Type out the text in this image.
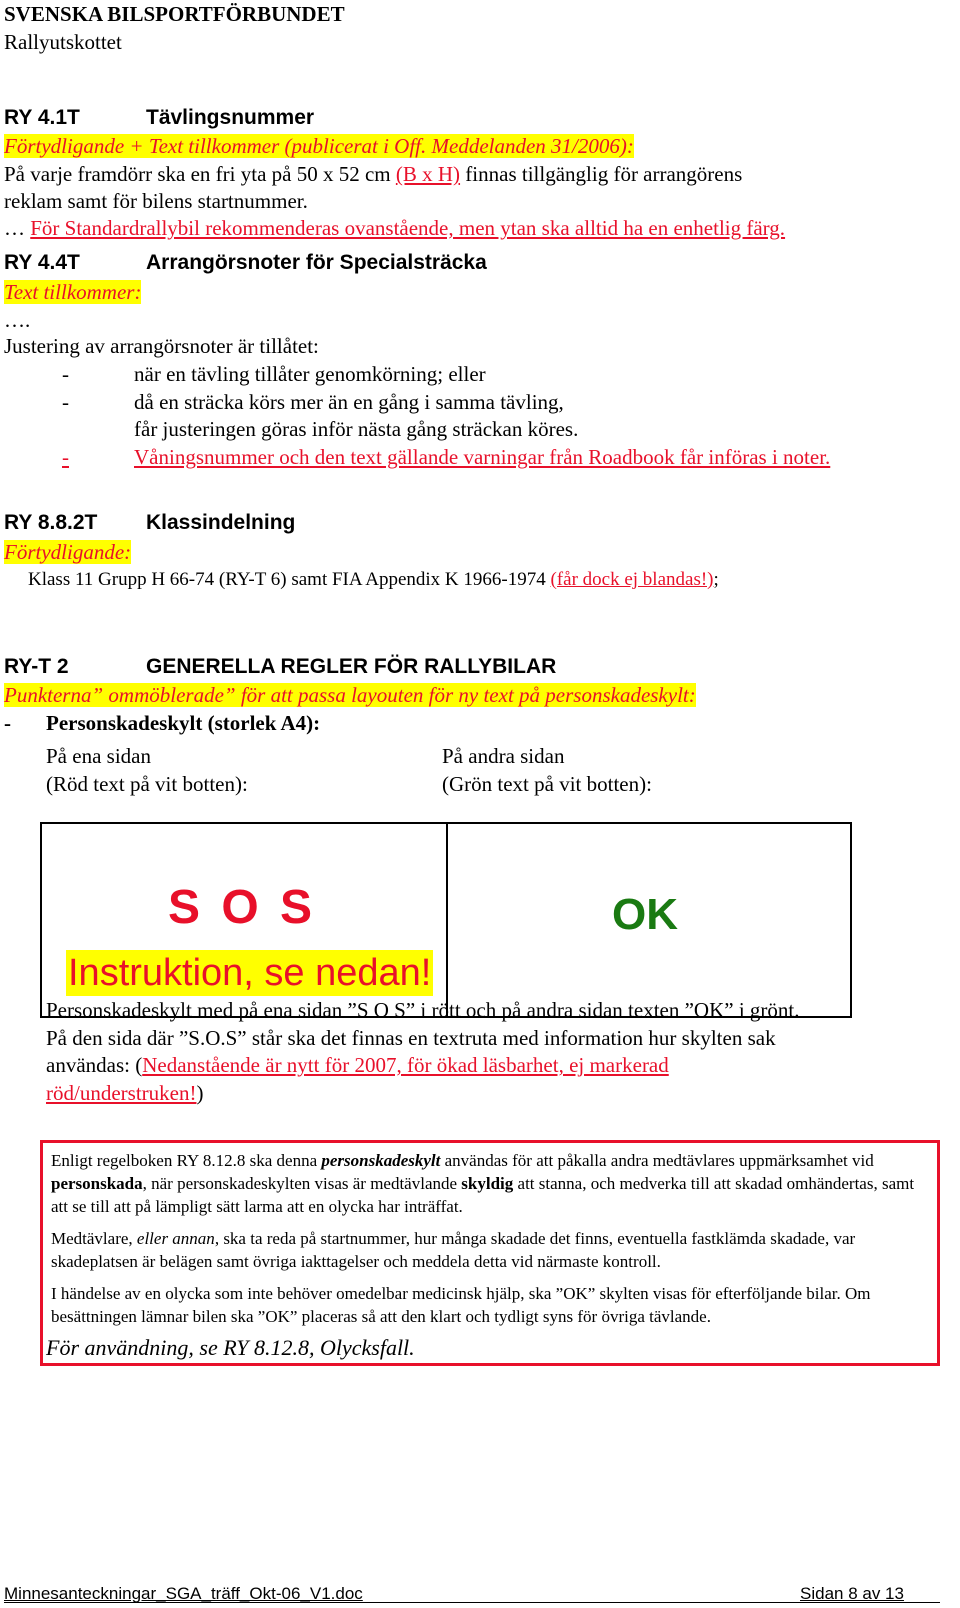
SVENSKA BILSPORTFÖRBUNDET
Rallyutskottet
RY 4.1T	Tävlingsnummer
Förtydligande + Text tillkommer (publicerat i Off. Meddelanden 31/2006):
På varje framdörr ska en fri yta på 50 x 52 cm (B x H) finnas tillgänglig för arrangörens
reklam samt för bilens startnummer.
… För Standardrallybil rekommenderas ovanstående, men ytan ska alltid ha en enhetlig färg.
RY 4.4T	Arrangörsnoter för Specialsträcka
Text tillkommer:
….
Justering av arrangörsnoter är tillåtet:
-	när en tävling tillåter genomkörning; eller
-	då en sträcka körs mer än en gång i samma tävling,
får justeringen göras inför nästa gång sträckan köres.
-	Våningsnummer och den text gällande varningar från Roadbook får införas i noter.
RY 8.8.2T Klassindelning
Förtydligande:
Klass 11 Grupp H 66-74 (RY-T 6) samt FIA Appendix K 1966-1974 (får dock ej blandas!);
RY-T 2	GENERELLA REGLER FÖR RALLYBILAR
Punkterna” ommöblerade” för att passa layouten för ny text på personskadeskylt:
- Personskadeskylt (storlek A4):
På ena sidan
(Röd text på vit botten):
På andra sidan
(Grön text på vit botten):
S O S
Instruktion, se nedan!
OK
Personskadeskylt med på ena sidan ”S O S” i rött och på andra sidan texten ”OK” i grönt.
På den sida där ”S.O.S” står ska det finnas en textruta med information hur skylten sak
användas: (Nedanstående är nytt för 2007, för ökad läsbarhet, ej markerad
röd/understruken!)

Enligt regelboken RY 8.12.8 ska denna personskadeskylt användas för att påkalla andra medtävlares uppmärksamhet vid personskada, när personskadeskylten visas är medtävlande skyldig att stanna, och medverka till att skadad omhändertas, samt att se till att på lämpligt sätt larma att en olycka har inträffat.

Medtävlare, eller annan, ska ta reda på startnummer, hur många skadade det finns, eventuella fastklämda skadade, var skadeplatsen är belägen samt övriga iakttagelser och meddela detta vid närmaste kontroll.

I händelse av en olycka som inte behöver omedelbar medicinsk hjälp, ska ”OK” skylten visas för efterföljande bilar. Om besättningen lämnar bilen ska ”OK” placeras så att den klart och tydligt syns för övriga tävlande.

För användning, se RY 8.12.8, Olycksfall.
Minnesanteckningar_SGA_träff_Okt-06_V1.doc	Sidan 8 av 13
